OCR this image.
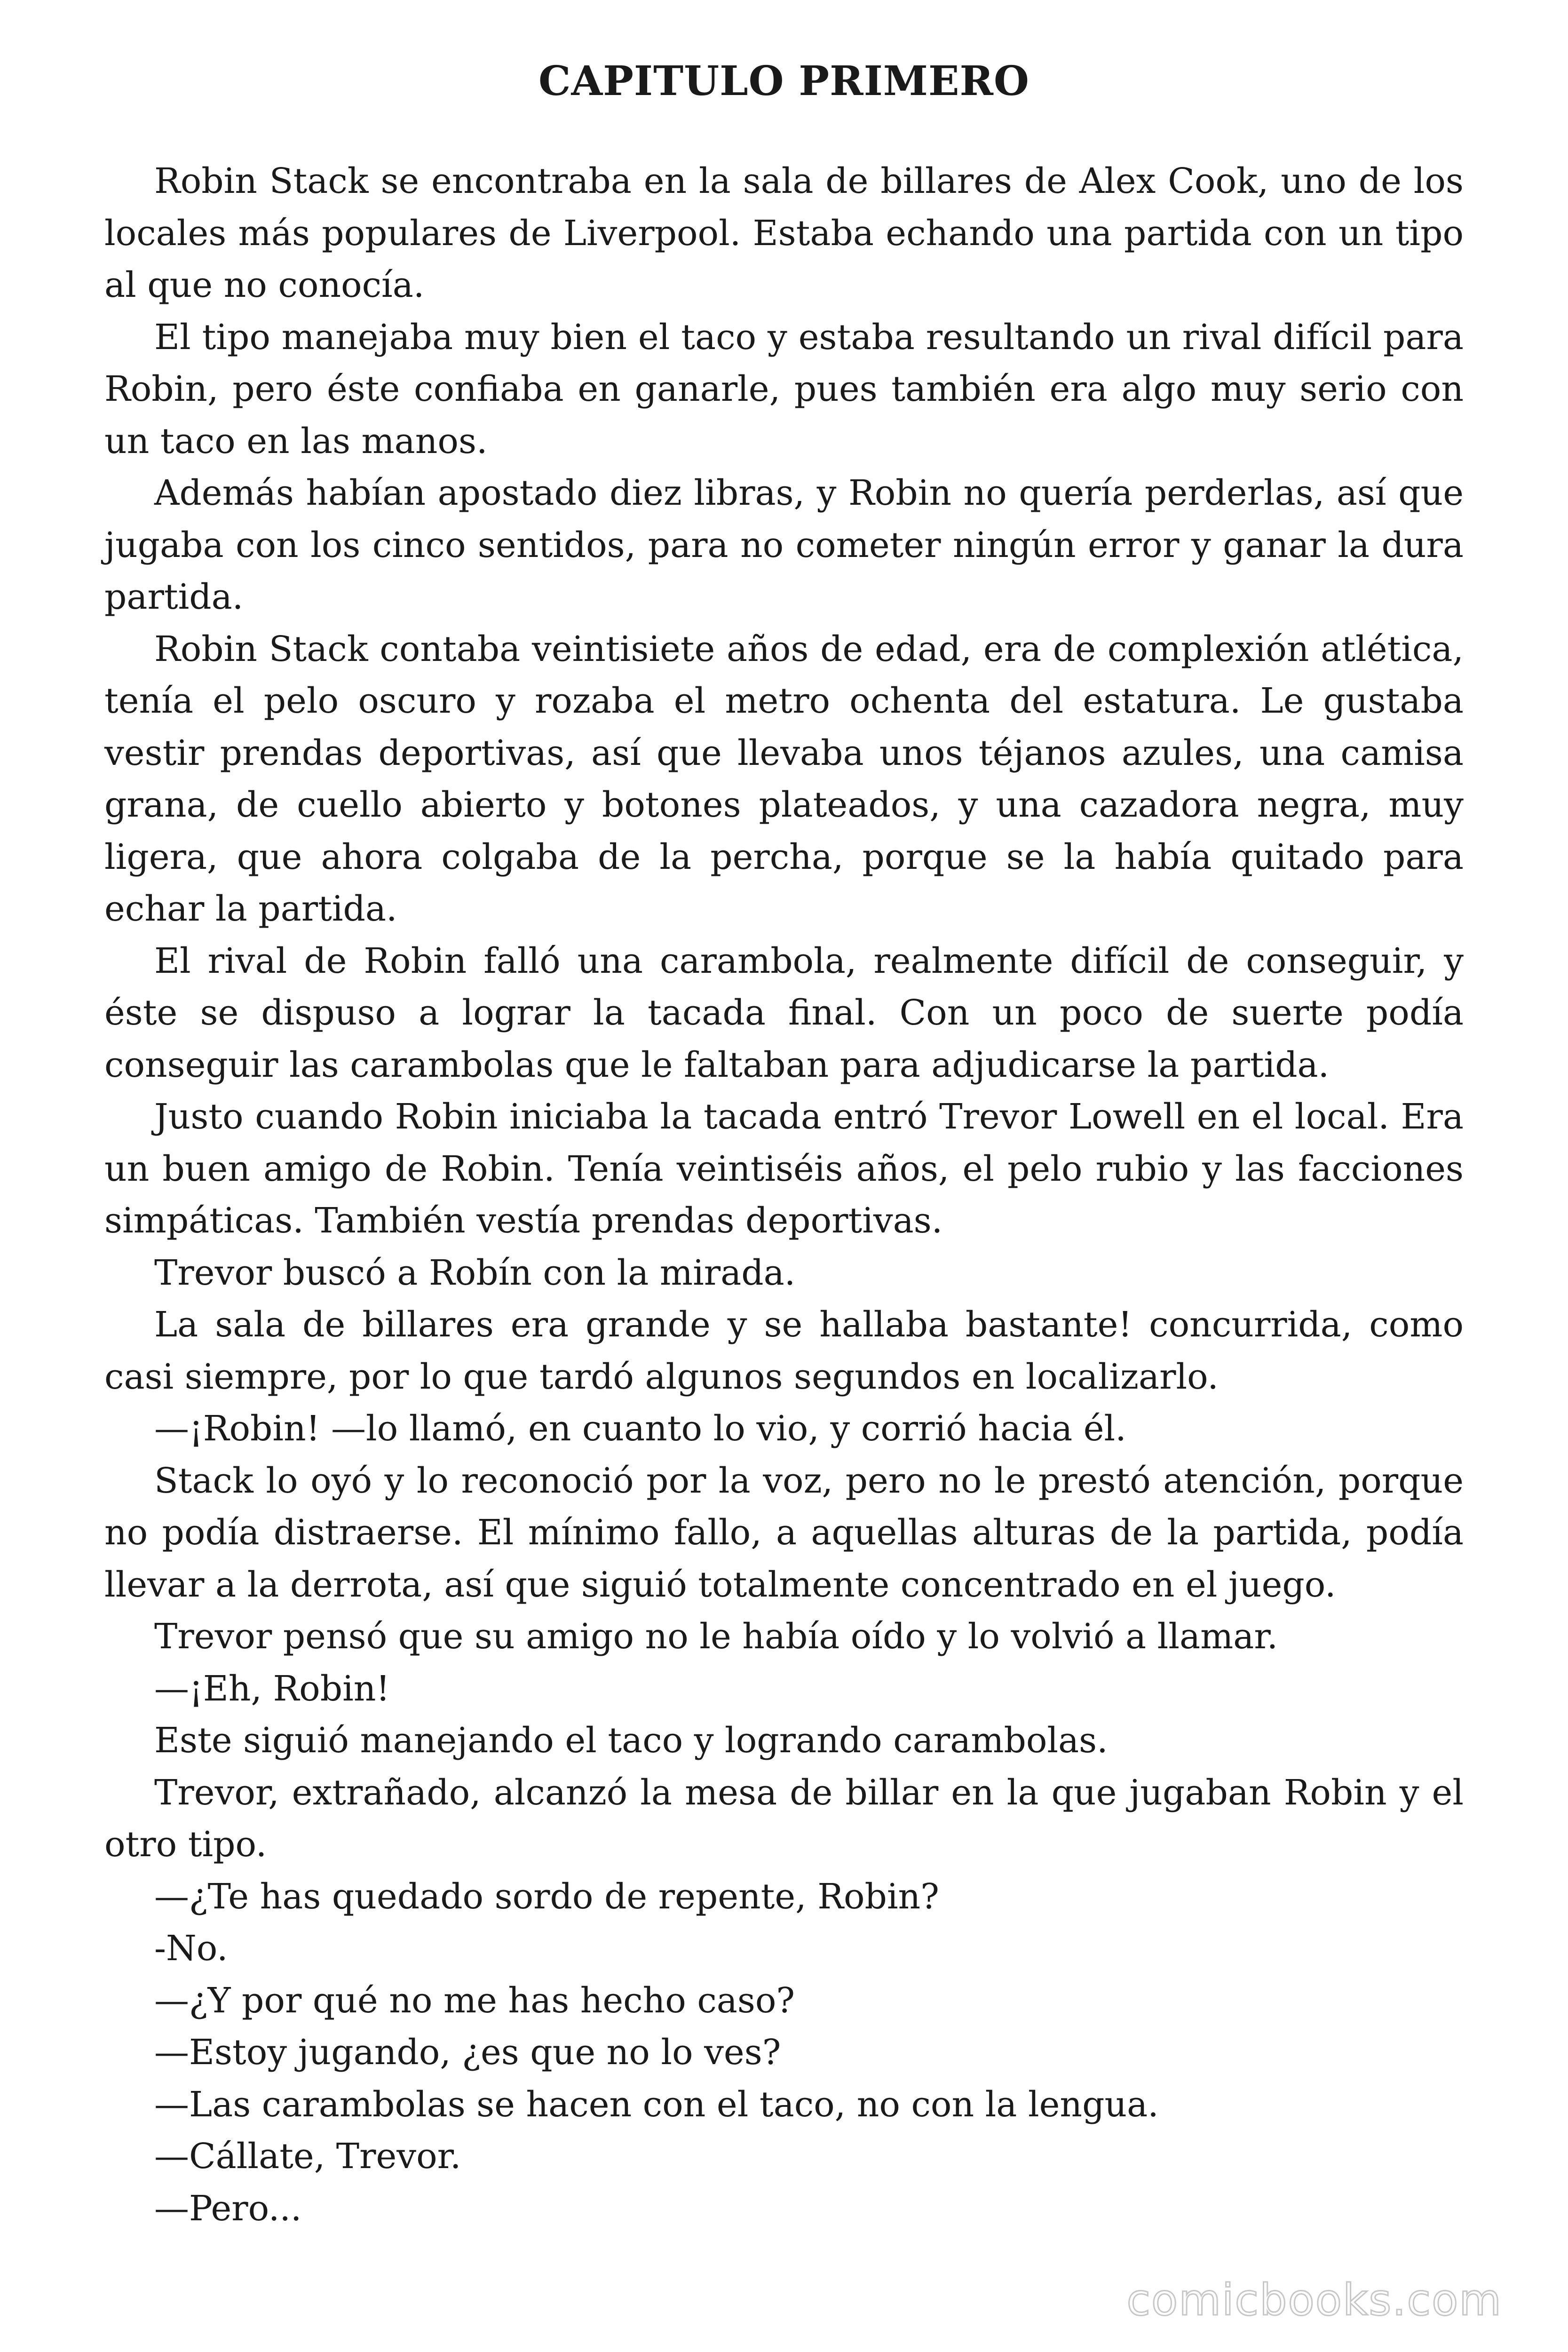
CAPITULO PRIMERO

Robin Stack se encontraba en la sala de billares de Alex Cook, uno de los locales más populares de Liverpool. Estaba echando una partida con un tipo al que no conocía.

El tipo manejaba muy bien el taco y estaba resultando un rival difícil para Robin, pero éste confiaba en ganarle, pues también era algo muy serio con un taco en las manos.

Además habían apostado diez libras, y Robin no quería perderlas, así que jugaba con los cinco sentidos, para no cometer ningún error y ganar la dura partida.

Robin Stack contaba veintisiete años de edad, era de complexión atlética, tenía el pelo oscuro y rozaba el metro ochenta del estatura. Le gustaba vestir prendas deportivas, así que llevaba unos téjanos azules, una camisa grana, de cuello abierto y botones plateados, y una cazadora negra, muy ligera, que ahora colgaba de la percha, porque se la había quitado para echar la partida.

El rival de Robin falló una carambola, realmente difícil de conseguir, y éste se dispuso a lograr la tacada final. Con un poco de suerte podía conseguir las carambolas que le faltaban para adjudicarse la partida.

Justo cuando Robin iniciaba la tacada entró Trevor Lowell en el local. Era un buen amigo de Robin. Tenía veintiséis años, el pelo rubio y las facciones simpáticas. También vestía prendas deportivas.

Trevor buscó a Robín con la mirada.

La sala de billares era grande y se hallaba bastante! concurrida, como casi siempre, por lo que tardó algunos segundos en localizarlo.

—¡Robin! —lo llamó, en cuanto lo vio, y corrió hacia él.

Stack lo oyó y lo reconoció por la voz, pero no le prestó atención, porque no podía distraerse. El mínimo fallo, a aquellas alturas de la partida, podía llevar a la derrota, así que siguió totalmente concentrado en el juego.

Trevor pensó que su amigo no le había oído y lo volvió a llamar.

—¡Eh, Robin!

Este siguió manejando el taco y logrando carambolas.

Trevor, extrañado, alcanzó la mesa de billar en la que jugaban Robin y el otro tipo.

—¿Te has quedado sordo de repente, Robin?

-No.

—¿Y por qué no me has hecho caso?

—Estoy jugando, ¿es que no lo ves?

—Las carambolas se hacen con el taco, no con la lengua.

—Cállate, Trevor.

—Pero...

comicbooks.com
